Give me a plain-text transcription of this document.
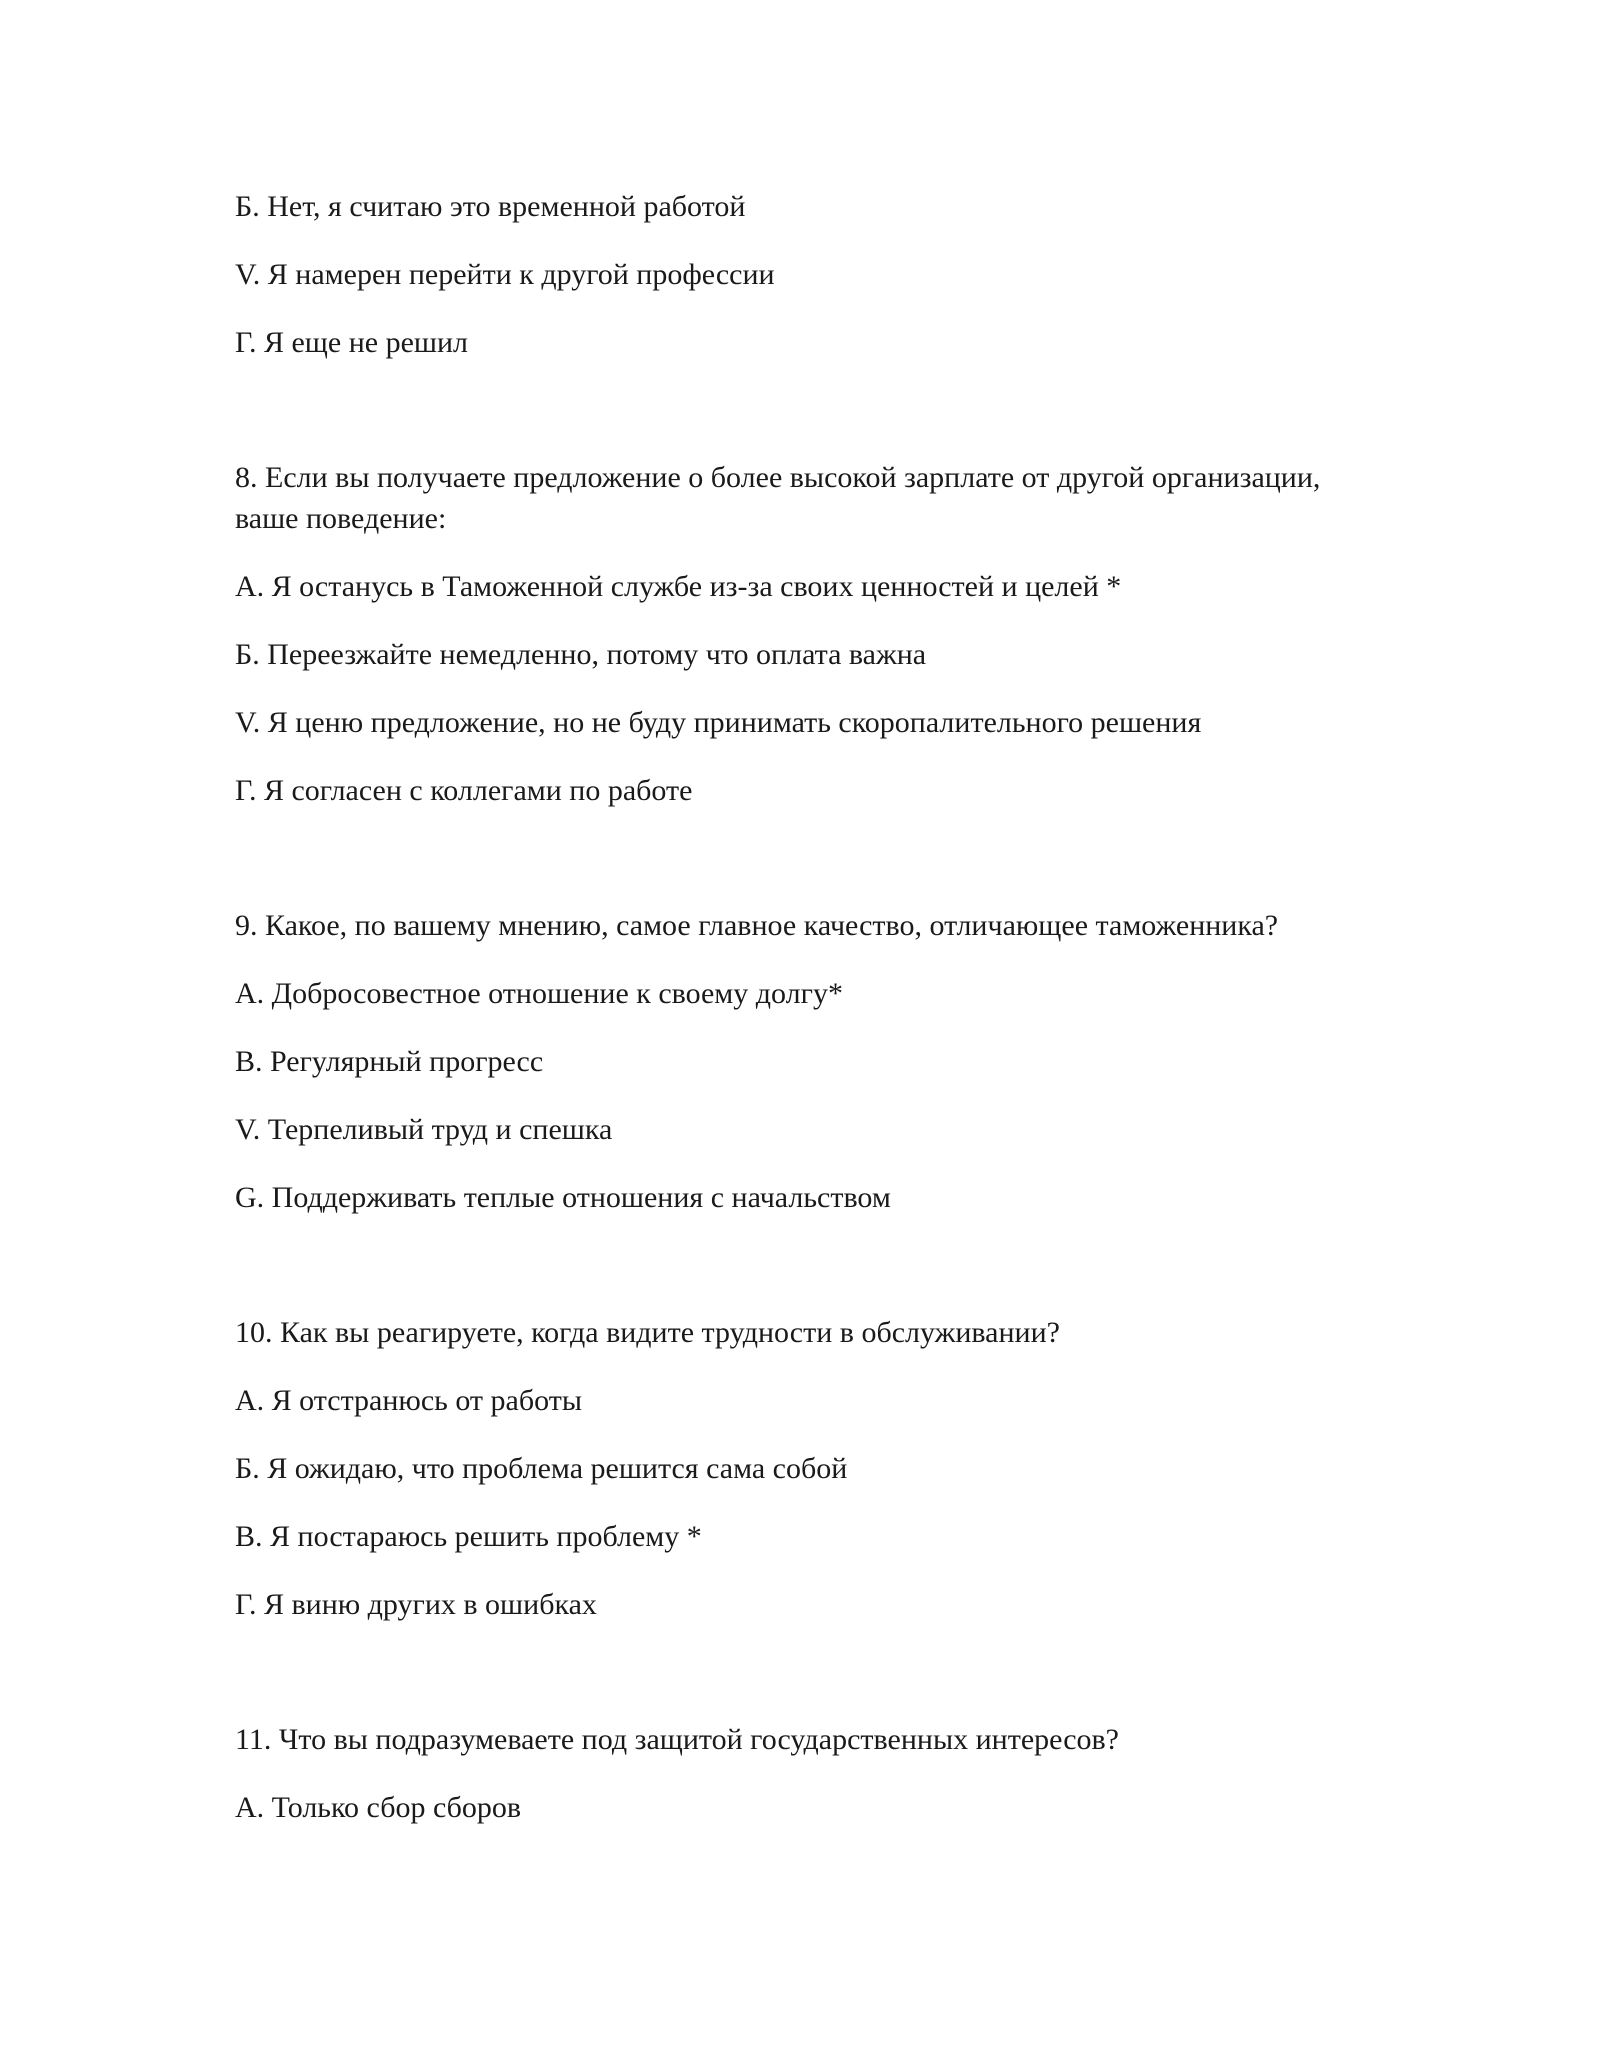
Б. Нет, я считаю это временной работой

V. Я намерен перейти к другой профессии

Г. Я еще не решил

8. Если вы получаете предложение о более высокой зарплате от другой организации, ваше поведение:

А. Я останусь в Таможенной службе из-за своих ценностей и целей *

Б. Переезжайте немедленно, потому что оплата важна

V. Я ценю предложение, но не буду принимать скоропалительного решения

Г. Я согласен с коллегами по работе

9. Какое, по вашему мнению, самое главное качество, отличающее таможенника?

А. Добросовестное отношение к своему долгу*

В. Регулярный прогресс

V. Терпеливый труд и спешка

G. Поддерживать теплые отношения с начальством

10. Как вы реагируете, когда видите трудности в обслуживании?

А. Я отстранюсь от работы

Б. Я ожидаю, что проблема решится сама собой

В. Я постараюсь решить проблему *

Г. Я виню других в ошибках

11. Что вы подразумеваете под защитой государственных интересов?

А. Только сбор сборов
